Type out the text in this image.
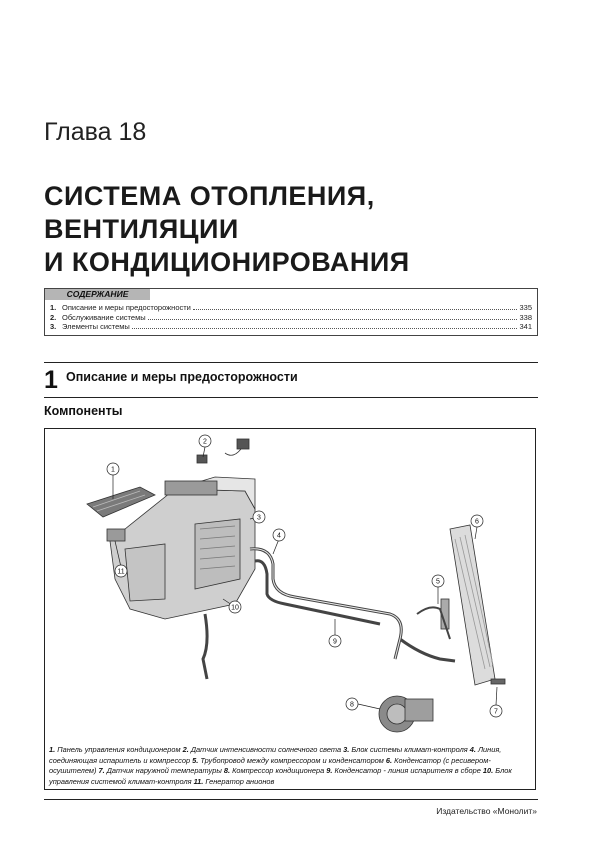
Глава 18
СИСТЕМА ОТОПЛЕНИЯ,
ВЕНТИЛЯЦИИ
И КОНДИЦИОНИРОВАНИЯ
СОДЕРЖАНИЕ
1. Описание и меры предосторожности	335
2. Обслуживание системы	338
3. Элементы системы	341
1 Описание и меры предосторожности
Компоненты
1
2
3
4
5
6
7
8
9
10
11
1. Панель управления кондиционером 2. Датчик интенсивности солнечного света 3. Блок системы климат-контроля 4. Линия, соединяющая испаритель и компрессор 5. Трубопровод между компрессором и конденсатором 6. Конденсатор (с ресивером-осушителем) 7. Датчик наружной температуры 8. Компрессор кондиционера 9. Конденсатор - линия испарителя в сборе 10. Блок управления системой климат-контроля 11. Генератор анионов
Издательство «Монолит»
